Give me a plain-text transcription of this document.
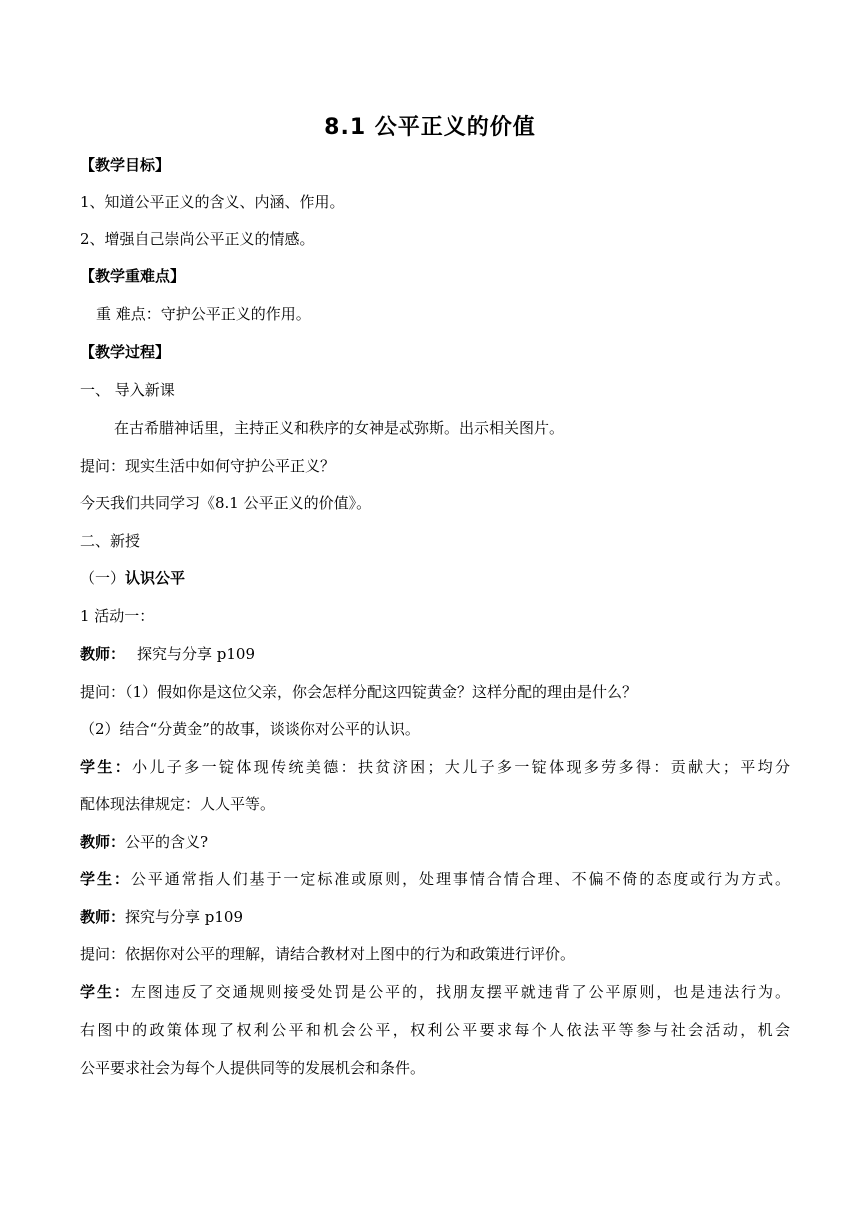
8.1 公平正义的价值
【教学目标】
1、知道公平正义的含义、内涵、作用。
2、增强自己崇尚公平正义的情感。
【教学重难点】
重 难点：守护公平正义的作用。
【教学过程】
一、 导入新课
在古希腊神话里，主持正义和秩序的女神是忒弥斯。出示相关图片。
提问：现实生活中如何守护公平正义？
今天我们共同学习《8.1 公平正义的价值》。
二、新授
（一）认识公平
1 活动一：
教师： 探究与分享 p109
提问：（1）假如你是这位父亲，你会怎样分配这四锭黄金？这样分配的理由是什么？
（2）结合“分黄金”的故事，谈谈你对公平的认识。
学生：小儿子多一锭体现传统美德：扶贫济困；大儿子多一锭体现多劳多得：贡献大；平均分
配体现法律规定：人人平等。
教师：公平的含义?
学生：公平通常指人们基于一定标准或原则，处理事情合情合理、不偏不倚的态度或行为方式。
教师：探究与分享 p109
提问：依据你对公平的理解，请结合教材对上图中的行为和政策进行评价。
学生：左图违反了交通规则接受处罚是公平的，找朋友摆平就违背了公平原则，也是违法行为。
右图中的政策体现了权利公平和机会公平，权利公平要求每个人依法平等参与社会活动，机会
公平要求社会为每个人提供同等的发展机会和条件。
